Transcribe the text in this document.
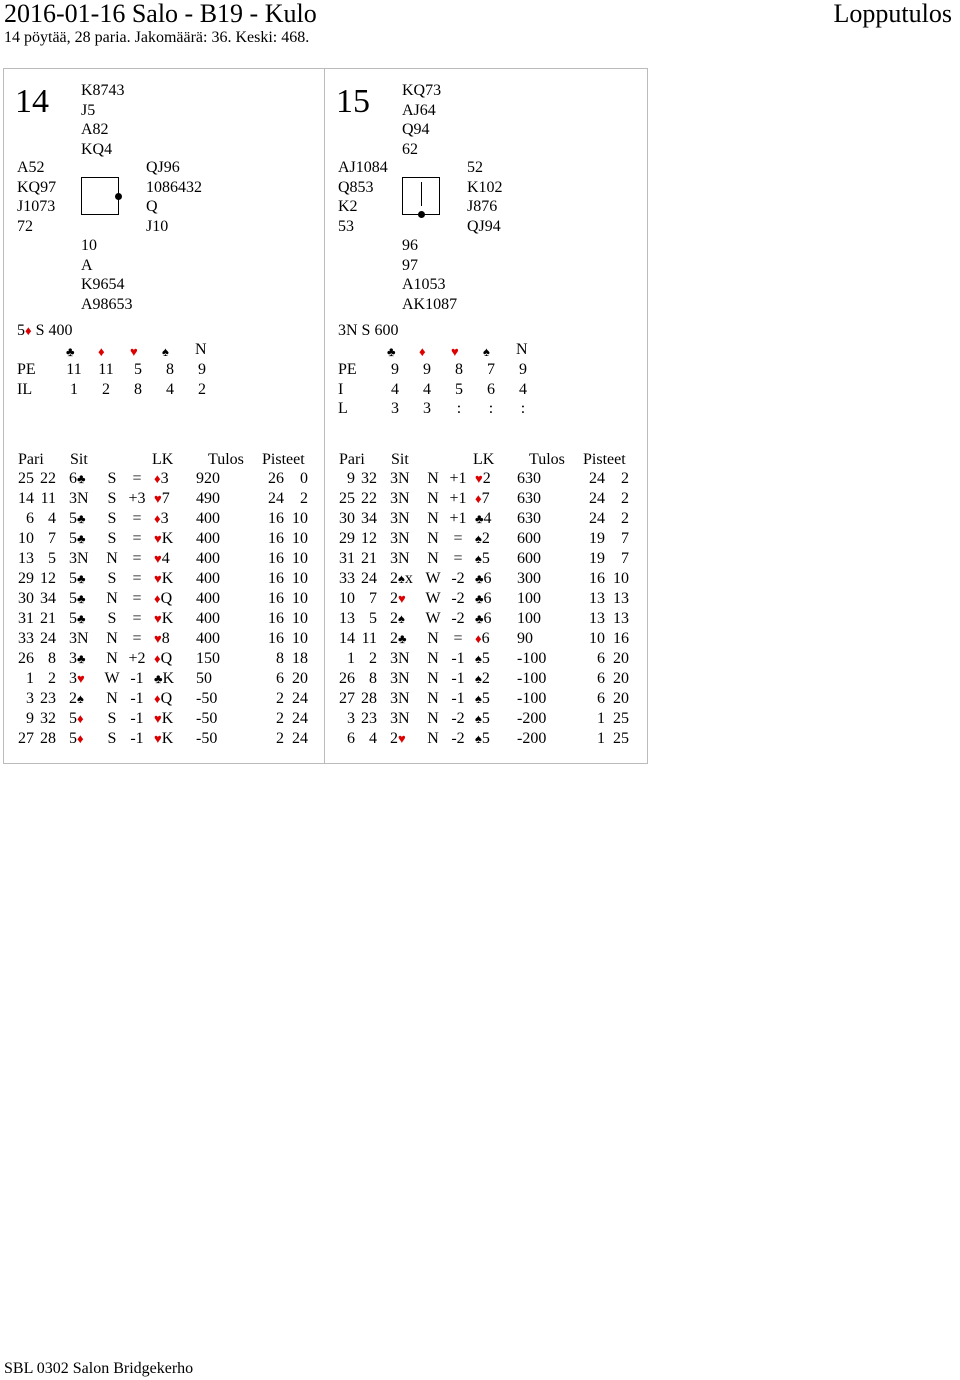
2016-01-16 Salo - B19 - Kulo	Lopputulos
14 pöytää, 28 paria. Jakomäärä: 36. Keski: 468.
14 K8743
J5
A82
KQ4
A52
KQ97
J1073
72
QJ96
1086432
Q
J10
10
A
K9654
A98653
5♦ S 400
♣ ♦ ♥ ♠ N
PE 11 11 5 8 9
IL 1 2 8 4 2
15 KQ73
AJ64
Q94
62
AJ1084
Q853
K2
53
52
K102
J876
QJ94
96
97
A1053
AK1087
3N S 600
♣ ♦ ♥ ♠ N
PE 9 9 8 7 9
I	4 4 5 6 4
L	3 3	:	:	:
Pari Sit	LK Tulos Pisteet
25 22 6♣ S	= ♦3 920	26	0
14 11 3N S +3 ♥7 490	24	2
6 4 5♣ S	= ♦3 400	16 10
10 7 5♣ S	= ♥K 400	16 10
13 5 3N N = ♥4 400	16 10
29 12 5♣ S	= ♥K 400	16 10
30 34 5♣ N = ♦Q 400	16 10
31 21 5♣ S	= ♥K 400	16 10
33 24 3N N = ♥8 400	16 10
26 8 3♣ N +2 ♦Q 150	8 18
1 2 3♥ W -1 ♣K 50	6 20
3 23 2♠ N -1 ♦Q -50	2 24
9 32 5♦ S -1 ♥K -50	2 24
27 28 5♦ S -1 ♥K -50	2 24
Pari Sit	LK Tulos Pisteet
9 32 3N N +1 ♥2 630	24	2
25 22 3N N +1 ♦7 630	24	2
30 34 3N N +1 ♣4 630	24	2
29 12 3N N = ♠2 600	19	7
31 21 3N N = ♠5 600	19	7
33 24 2♠x W -2 ♣6 300	16 10
10 7 2♥ W -2 ♣6 100	13 13
13 5 2♠ W -2 ♣6 100	13 13
14 11 2♣ N = ♦6 90	10 16
1 2 3N N -1 ♠5 -100	6 20
26 8 3N N -1 ♠2 -100	6 20
27 28 3N N -1 ♠5 -100	6 20
3 23 3N N -2 ♠5 -200	1 25
6 4 2♥ N -2 ♠5 -200	1 25
SBL 0302 Salon Bridgekerho
